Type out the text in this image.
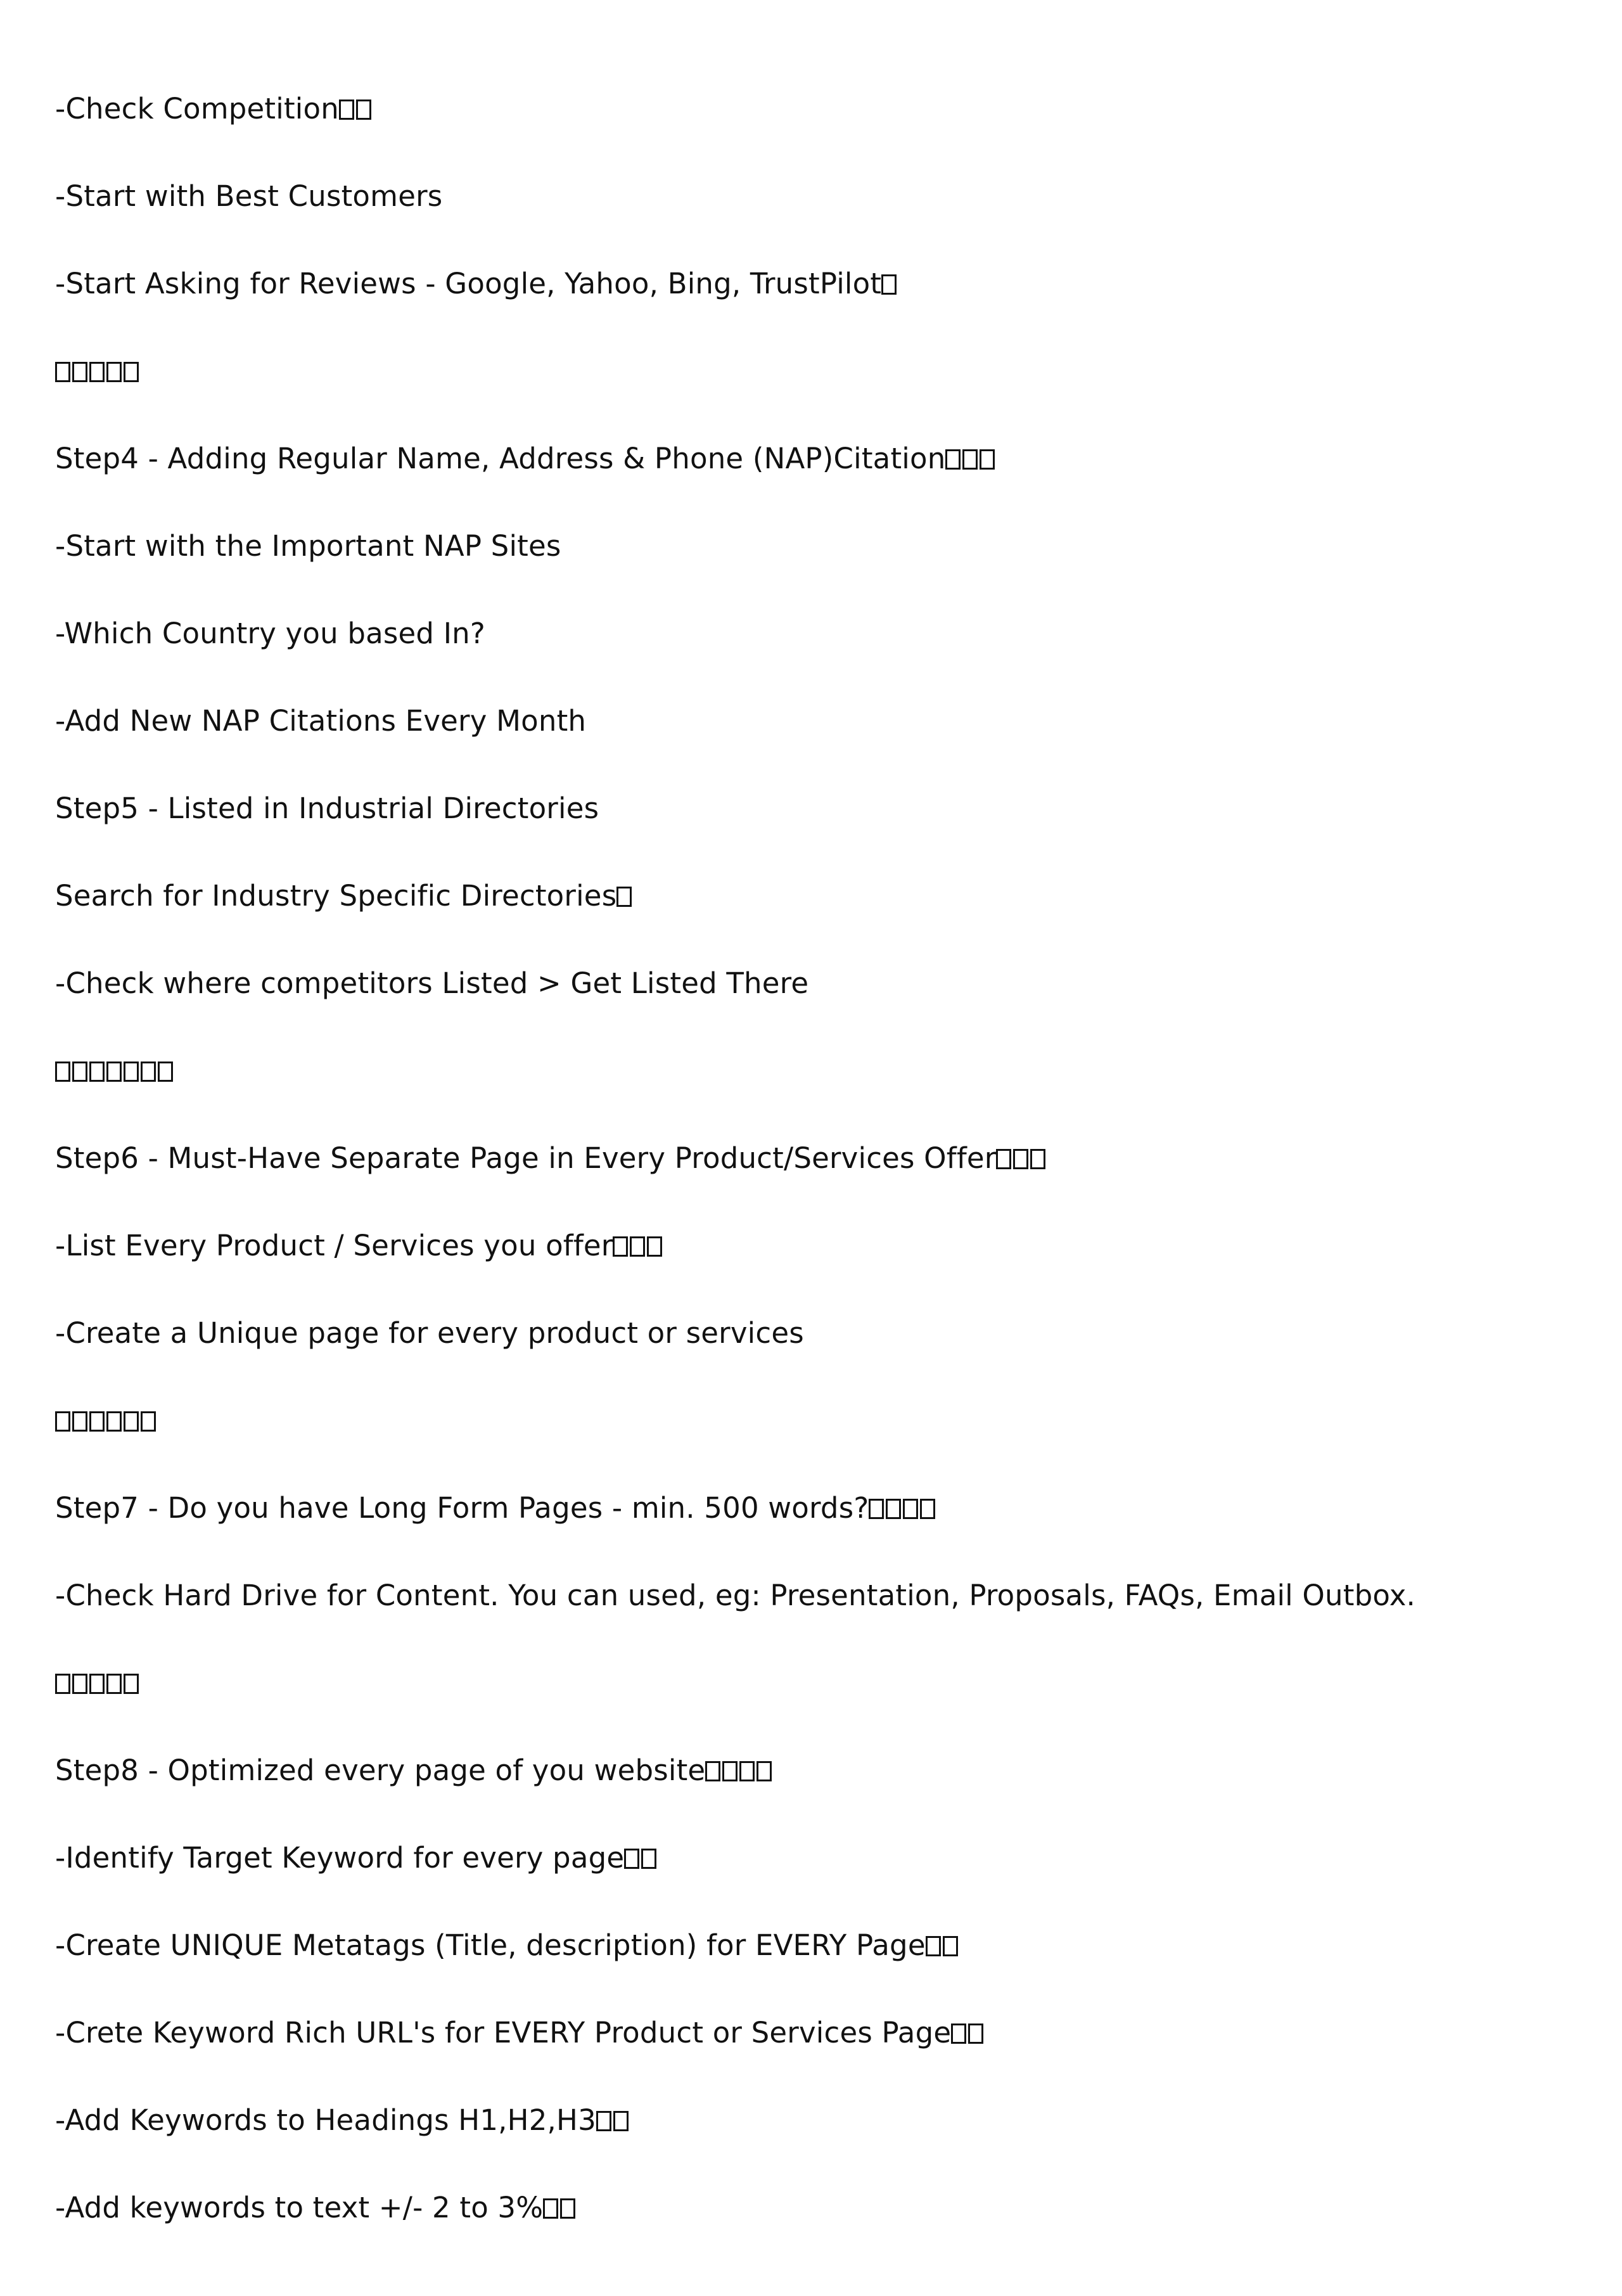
-Check Competition

-Start with Best Customers

-Start Asking for Reviews - Google, Yahoo, Bing, TrustPilot

Step4 - Adding Regular Name, Address & Phone (NAP)Citation

-Start with the Important NAP Sites

-Which Country you based In?

-Add New NAP Citations Every Month

Step5 - Listed in Industrial Directories

Search for Industry Specific Directories

-Check where competitors Listed > Get Listed There

Step6 - Must-Have Separate Page in Every Product/Services Offer

-List Every Product / Services you offer

-Create a Unique page for every product or services

Step7 - Do you have Long Form Pages - min. 500 words?

-Check Hard Drive for Content. You can used, eg: Presentation, Proposals, FAQs, Email Outbox.

Step8 - Optimized every page of you website

-Identify Target Keyword for every page

-Create UNIQUE Metatags (Title, description) for EVERY Page

-Crete Keyword Rich URL's for EVERY Product or Services Page

-Add Keywords to Headings H1,H2,H3

-Add keywords to text +/- 2 to 3%
